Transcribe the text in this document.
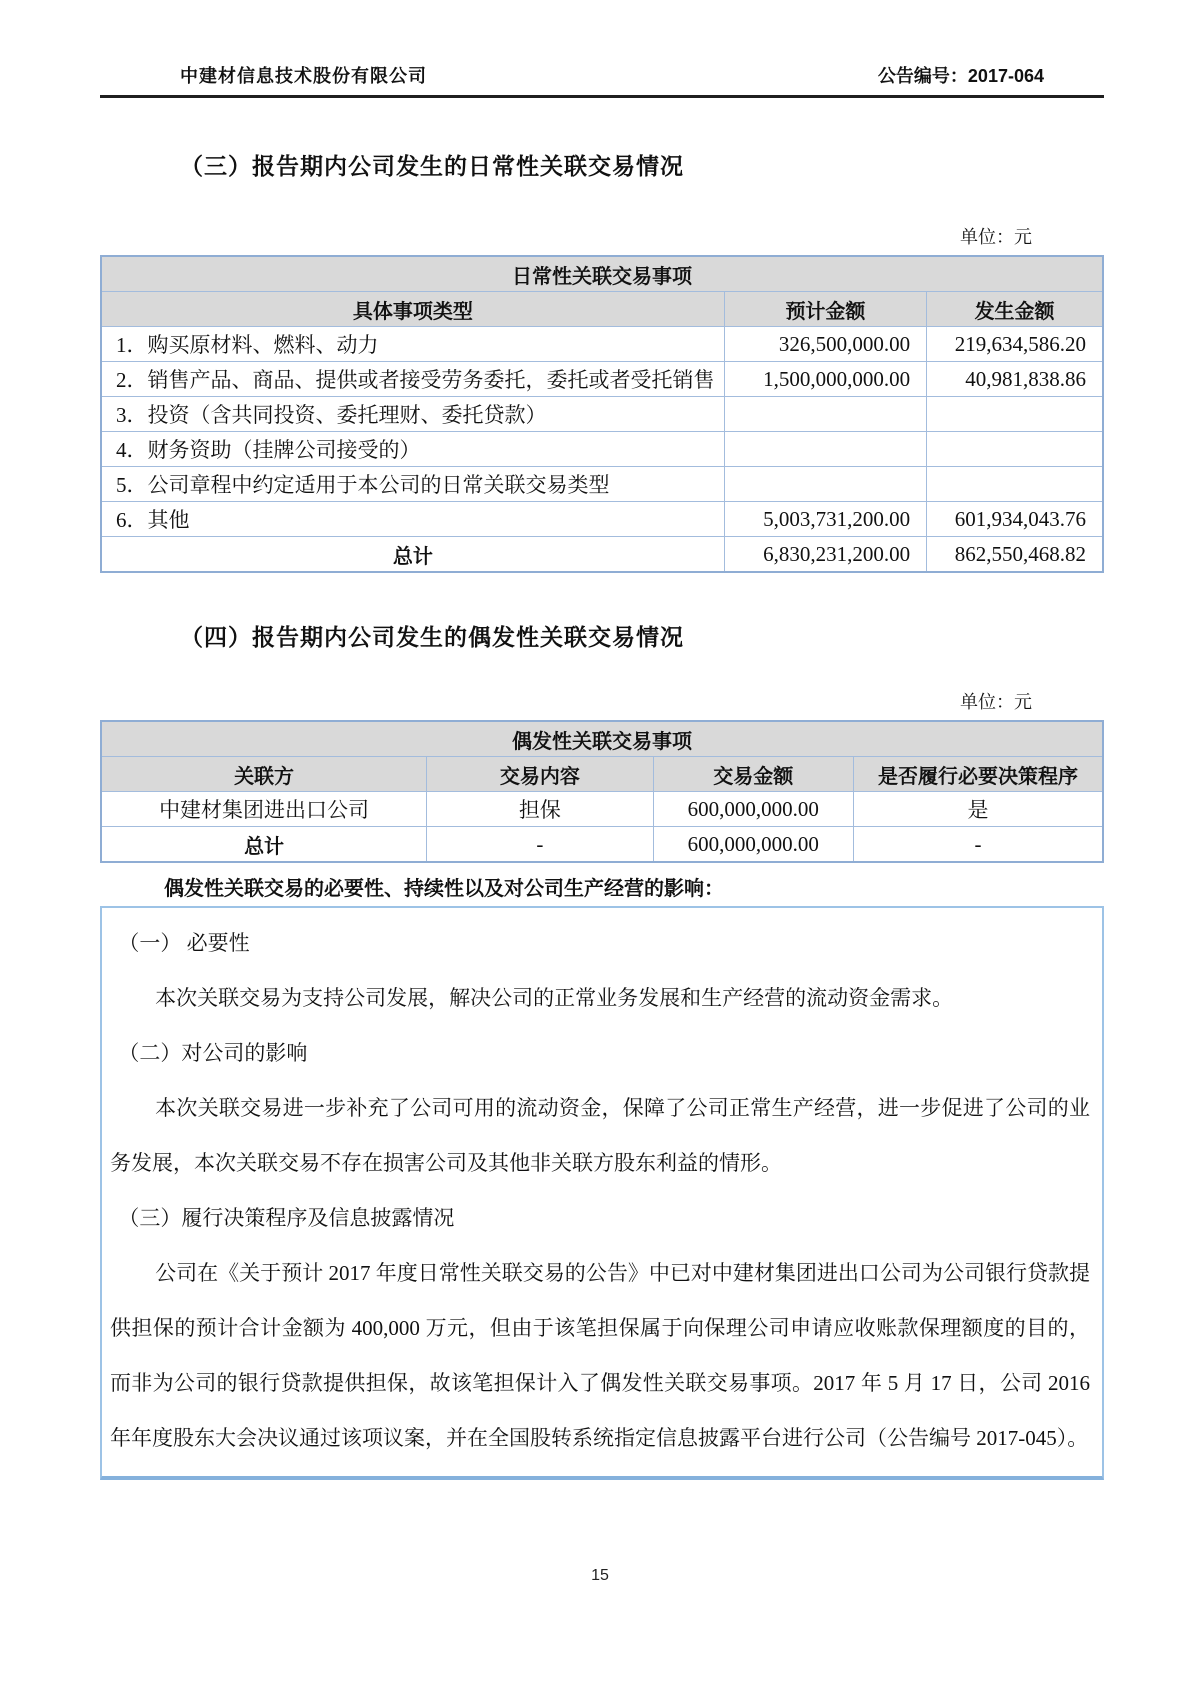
中建材信息技术股份有限公司	公告编号：2017-064
（三）报告期内公司发生的日常性关联交易情况
单位：元
日常性关联交易事项		
具体事项类型	预计金额	发生金额
1．购买原材料、燃料、动力	326,500,000.00	219,634,586.20
2．销售产品、商品、提供或者接受劳务委托，委托或者受托销售	1,500,000,000.00	40,981,838.86
3．投资（含共同投资、委托理财、委托贷款）		
4．财务资助（挂牌公司接受的）		
5．公司章程中约定适用于本公司的日常关联交易类型		
6．其他	5,003,731,200.00	601,934,043.76
总计	6,830,231,200.00	862,550,468.82
（四）报告期内公司发生的偶发性关联交易情况
单位：元
偶发性关联交易事项			
关联方	交易内容	交易金额	是否履行必要决策程序
中建材集团进出口公司	担保	600,000,000.00	是
总计	-	600,000,000.00	-
偶发性关联交易的必要性、持续性以及对公司生产经营的影响：

（一） 必要性

本次关联交易为支持公司发展，解决公司的正常业务发展和生产经营的流动资金需求。

（二）对公司的影响

本次关联交易进一步补充了公司可用的流动资金，保障了公司正常生产经营，进一步促进了公司的业务发展，本次关联交易不存在损害公司及其他非关联方股东利益的情形。

（三）履行决策程序及信息披露情况

公司在《关于预计 2017 年度日常性关联交易的公告》中已对中建材集团进出口公司为公司银行贷款提供担保的预计合计金额为 400,000 万元，但由于该笔担保属于向保理公司申请应收账款保理额度的目的，而非为公司的银行贷款提供担保，故该笔担保计入了偶发性关联交易事项。2017 年 5 月 17 日，公司 2016 年年度股东大会决议通过该项议案，并在全国股转系统指定信息披露平台进行公司（公告编号 2017-045）。

15
